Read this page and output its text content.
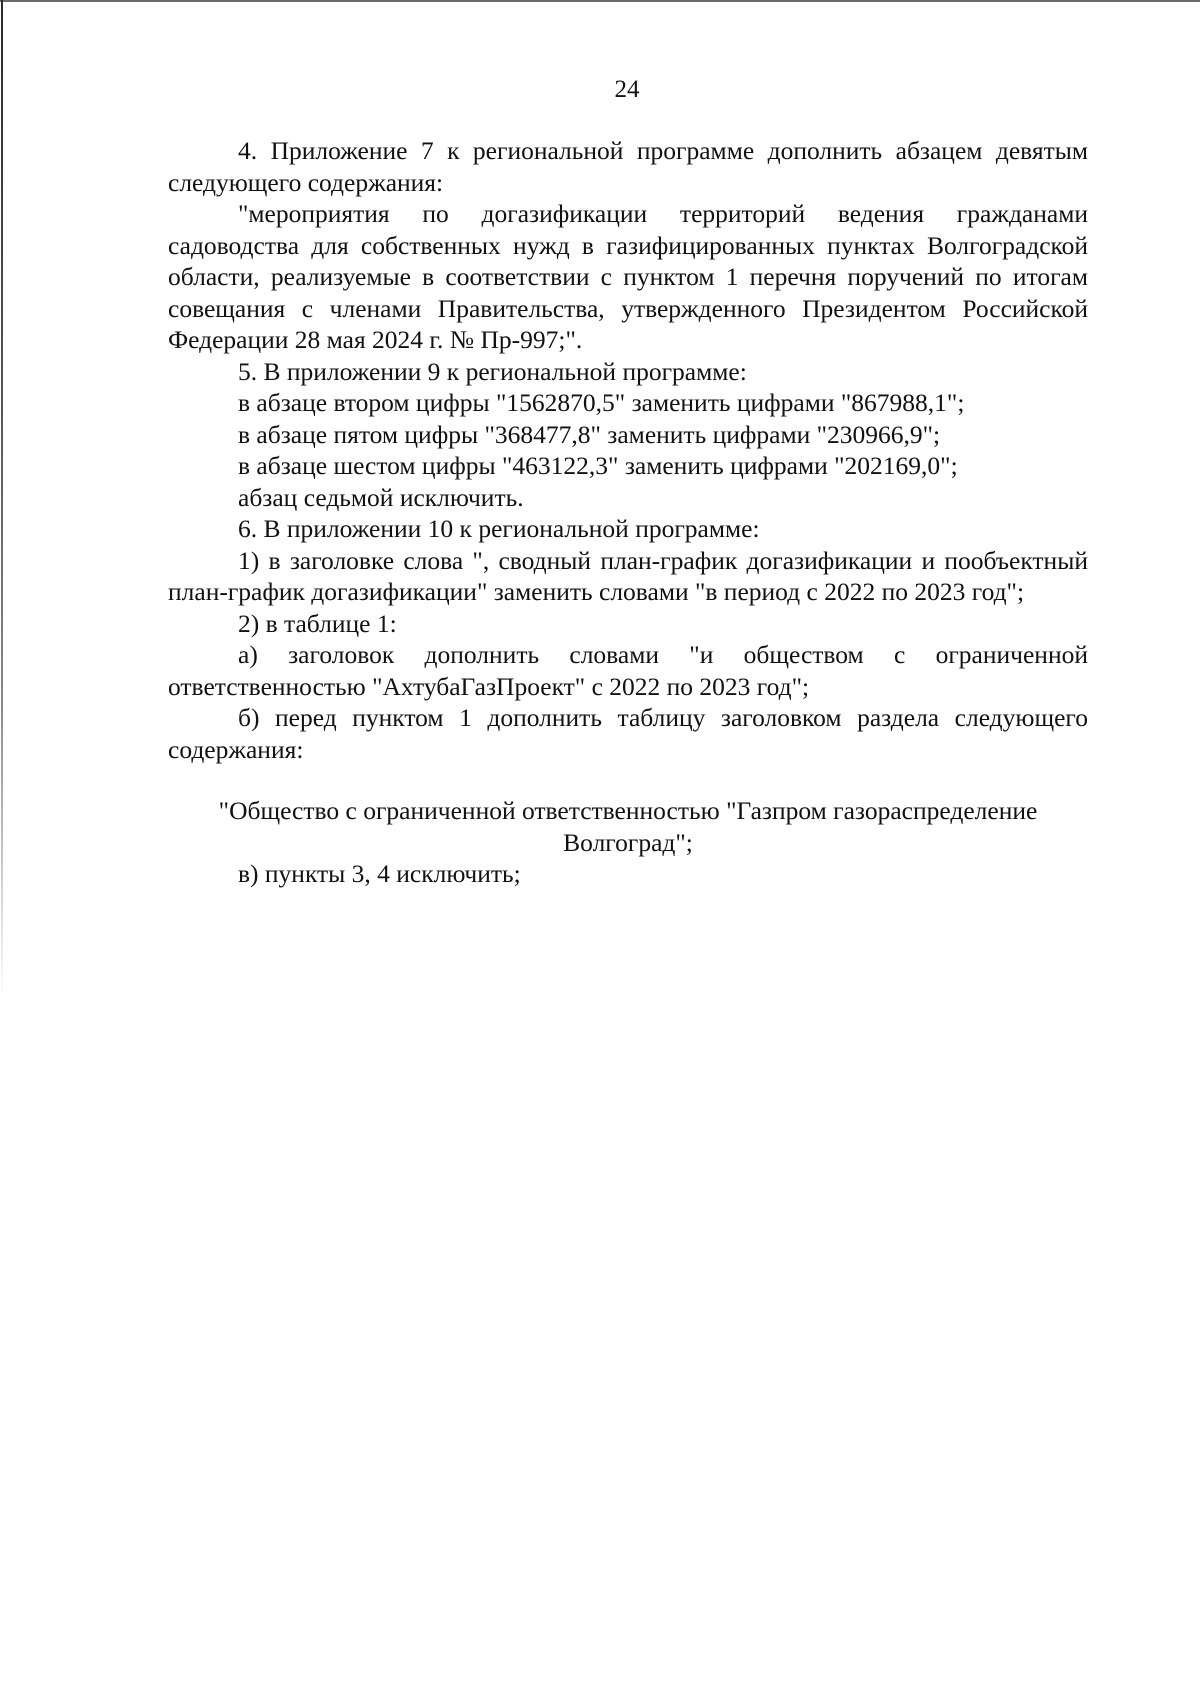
24

4. Приложение 7 к региональной программе дополнить абзацем девятым следующего содержания:

"мероприятия по догазификации территорий ведения гражданами садоводства для собственных нужд в газифицированных пунктах Волгоградской области, реализуемые в соответствии с пунктом 1 перечня поручений по итогам совещания с членами Правительства, утвержденного Президентом Российской Федерации 28 мая 2024 г. № Пр-997;".

5. В приложении 9 к региональной программе:

в абзаце втором цифры "1562870,5" заменить цифрами "867988,1";

в абзаце пятом цифры "368477,8" заменить цифрами "230966,9";

в абзаце шестом цифры "463122,3" заменить цифрами "202169,0";

абзац седьмой исключить.

6. В приложении 10 к региональной программе:

1) в заголовке слова ", сводный план-график догазификации и пообъектный план-график догазификации" заменить словами "в период с 2022 по 2023 год";

2) в таблице 1:

а) заголовок дополнить словами "и обществом с ограниченной ответственностью "АхтубаГазПроект" с 2022 по 2023 год";

б) перед пунктом 1 дополнить таблицу заголовком раздела следующего содержания:

"Общество с ограниченной ответственностью "Газпром газораспределение
Волгоград";

в) пункты 3, 4 исключить;
